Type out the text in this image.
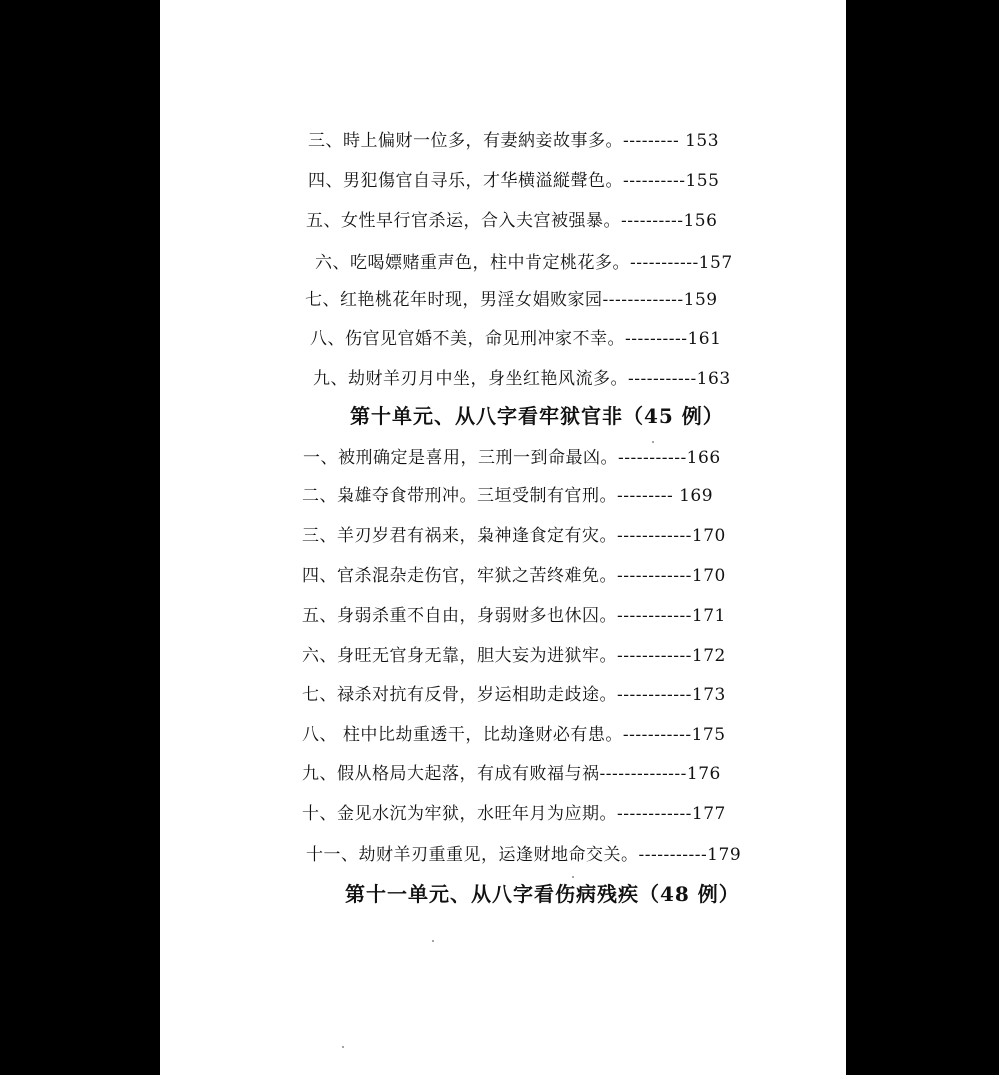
三、時上偏财一位多，有妻納妾故事多。--------- 153
四、男犯傷官自寻乐，才华横溢縦聲色。----------155
五、女性早行官杀运，合入夫宫被强暴。----------156
六、吃喝嫖赌重声色，柱中肯定桃花多。-----------157
七、红艳桃花年时现，男淫女娼败家园-------------159
八、伤官见官婚不美，命见刑冲家不幸。----------161
九、劫财羊刃月中坐，身坐红艳风流多。-----------163
第十单元、从八字看牢狱官非（45 例）
一、被刑确定是喜用，三刑一到命最凶。-----------166
二、枭雄夺食带刑冲。三垣受制有官刑。--------- 169
三、羊刃岁君有祸来，枭神逢食定有灾。------------170
四、官杀混杂走伤官，牢狱之苦终难免。------------170
五、身弱杀重不自由，身弱财多也休囚。------------171
六、身旺无官身无靠，胆大妄为进狱牢。------------172
七、禄杀对抗有反骨，岁运相助走歧途。------------173
八、 柱中比劫重透干，比劫逢财必有患。-----------175
九、假从格局大起落，有成有败福与祸--------------176
十、金见水沉为牢狱，水旺年月为应期。------------177
十一、劫财羊刃重重见，运逢财地命交关。-----------179
第十一单元、从八字看伤病残疾（48 例）
